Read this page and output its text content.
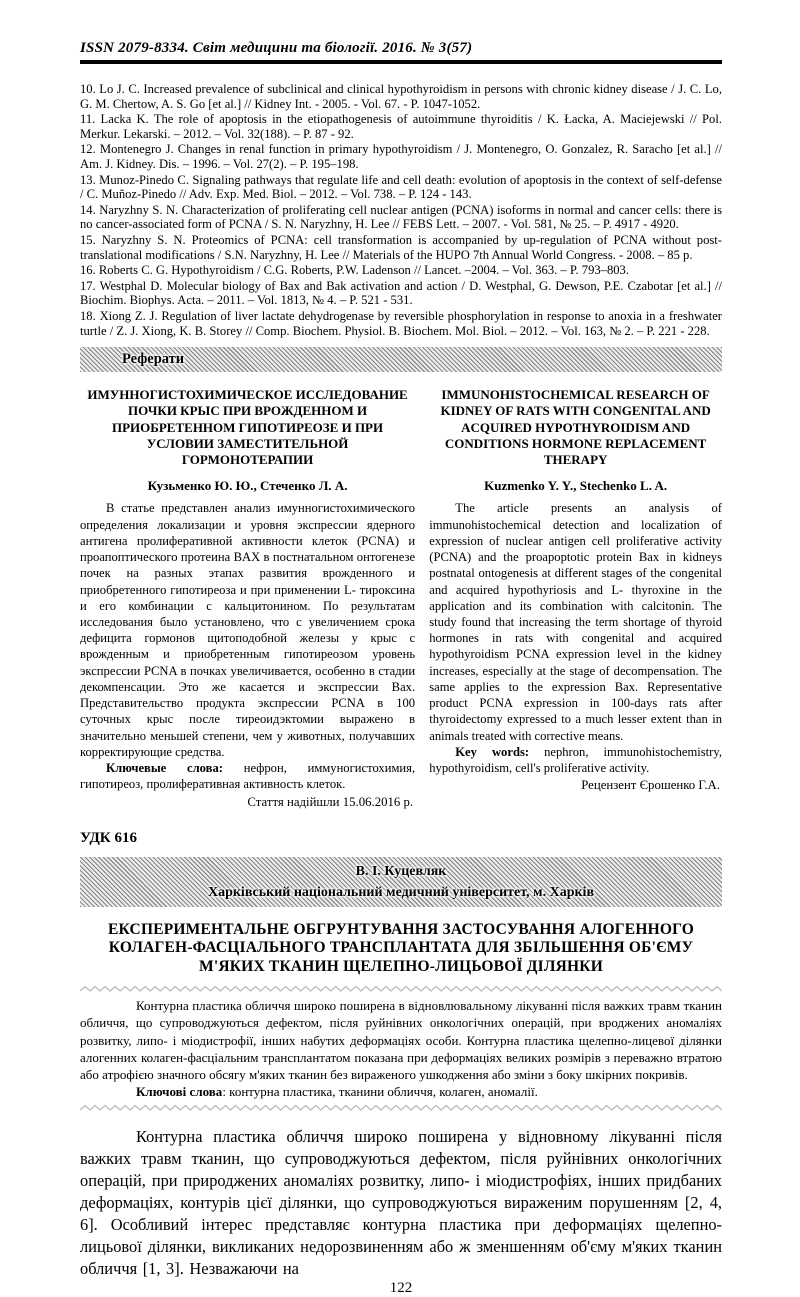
ISSN 2079-8334. Світ медицини та біології. 2016. № 3(57)
10. Lo J. C. Increased prevalence of subclinical and clinical hypothyroidism in persons with chronic kidney disease / J. C. Lo, G. M. Chertow, A. S. Go [et al.] // Kidney Int. - 2005. - Vol. 67. - P. 1047-1052.
11. Lacka K. The role of apoptosis in the etiopathogenesis of autoimmune thyroiditis / K. Łacka, A. Maciejewski // Pol. Merkur. Lekarski. – 2012. – Vol. 32(188). – P. 87 - 92.
12. Montenegro J. Changes in renal function in primary hypothyroidism / J. Montenegro, O. Gonzalez, R. Saracho [et al.] // Am. J. Kidney. Dis. – 1996. – Vol. 27(2). – P. 195–198.
13. Munoz-Pinedo C. Signaling pathways that regulate life and cell death: evolution of apoptosis in the context of self-defense / C. Muñoz-Pinedo // Adv. Exp. Med. Biol. – 2012. – Vol. 738. – P. 124 - 143.
14. Naryzhny S. N. Characterization of proliferating cell nuclear antigen (PCNA) isoforms in normal and cancer cells: there is no cancer-associated form of PCNA / S. N. Naryzhny, H. Lee // FEBS Lett. – 2007. - Vol. 581, № 25. – P. 4917 - 4920.
15. Naryzhny S. N. Proteomics of PCNA: cell transformation is accompanied by up-regulation of PCNA without post-translational modifications / S.N. Naryzhny, H. Lee // Materials of the HUPO 7th Annual World Congress. - 2008. – 85 p.
16. Roberts C. G. Hypothyroidism / C.G. Roberts, P.W. Ladenson // Lancet. –2004. – Vol. 363. – P. 793–803.
17. Westphal D. Molecular biology of Bax and Bak activation and action / D. Westphal, G. Dewson, P.E. Czabotar [et al.] // Biochim. Biophys. Acta. – 2011. – Vol. 1813, № 4. – P. 521 - 531.
18. Xiong Z. J. Regulation of liver lactate dehydrogenase by reversible phosphorylation in response to anoxia in a freshwater turtle / Z. J. Xiong, K. B. Storey // Comp. Biochem. Physiol. B. Biochem. Mol. Biol. – 2012. – Vol. 163, № 2. – P. 221 - 228.
Реферати
ИМУННОГИСТОХИМИЧЕСКОЕ ИССЛЕДОВАНИЕ ПОЧКИ КРЫС ПРИ ВРОЖДЕННОМ И ПРИОБРЕТЕННОМ ГИПОТИРЕОЗЕ И ПРИ УСЛОВИИ ЗАМЕСТИТЕЛЬНОЙ ГОРМОНОТЕРАПИИ
Кузьменко Ю. Ю., Стеченко Л. А.

В статье представлен анализ имунногистохимического определения локализации и уровня экспрессии ядерного антигена пролиферативной активности клеток (PCNA) и проапоптического протеина BAX в постнатальном онтогенезе почек на разных этапах развития врожденного и приобретенного гипотиреоза и при применении L- тироксина и его комбинации с кальцитонином. По результатам исследования было установлено, что с увеличением срока дефицита гормонов щитоподобной железы у крыс с врожденным и приобретенным гипотиреозом уровень экспрессии PCNA в почках увеличивается, особенно в стадии декомпенсации. Это же касается и экспрессии Вах. Представительство продукта экспрессии PCNA в 100 суточных крыс после тиреоидэктомии выражено в значительно меньшей степени, чем у животных, получавших корректирующие средства.

Ключевые слова: нефрон, иммуногистохимия, гипотиреоз, пролиферативная активность клеток.

Стаття надійшли 15.06.2016 р.
IMMUNOHISTOCHEMICAL RESEARCH OF KIDNEY OF RATS WITH CONGENITAL AND ACQUIRED HYPOTHYROIDISM AND CONDITIONS HORMONE REPLACEMENT THERAPY
Kuzmenko Y. Y., Stechenko L. A.

The article presents an analysis of immunohistochemical detection and localization of expression of nuclear antigen cell proliferative activity (PCNA) and the proapoptotic protein Bax in kidneys postnatal ontogenesis at different stages of the congenital and acquired hypothyriosis and L- thyroxine in the application and its combination with calcitonin. The study found that increasing the term shortage of thyroid hormones in rats with congenital and acquired hypothyroidism PCNA expression level in the kidney increases, especially at the stage of decompensation. The same applies to the expression Bax. Representative product PCNA expression in 100-days rats after thyroidectomy expressed to a much lesser extent than in animals treated with corrective means.

Key words: nephron, immunohistochemistry, hypothyroidism, cell's proliferative activity.

Рецензент Єрошенко Г.А.
УДК 616
В. І. Куцевляк
Харківський національний медичний університет, м. Харків
ЕКСПЕРИМЕНТАЛЬНЕ ОБГРУНТУВАННЯ ЗАСТОСУВАННЯ АЛОГЕННОГО КОЛАГЕН-ФАСЦІАЛЬНОГО ТРАНСПЛАНТАТА ДЛЯ ЗБІЛЬШЕННЯ ОБ'ЄМУ М'ЯКИХ ТКАНИН ЩЕЛЕПНО-ЛИЦЬОВОЇ ДІЛЯНКИ

Контурна пластика обличчя широко поширена в відновлювальному лікуванні після важких травм тканин обличчя, що супроводжуються дефектом, після руйнівних онкологічних операцій, при вроджених аномаліях розвитку, липо- і міодистрофії, інших набутих деформаціях особи. Контурна пластика щелепно-лицевої ділянки алогенних колаген-фасціальним трансплантатом показана при деформаціях великих розмірів з переважно втратою або атрофією значного обсягу м'яких тканин без вираженого ушкодження або зміни з боку шкірних покривів.

Ключові слова: контурна пластика, тканини обличчя, колаген, аномалії.

Контурна пластика обличчя широко поширена у відновному лікуванні після важких травм тканин, що супроводжуються дефектом, після руйнівних онкологічних операцій, при природжених аномаліях розвитку, липо- і міодистрофіях, інших придбаних деформаціях, контурів цієї ділянки, що супроводжуються вираженим порушенням [2, 4, 6]. Особливий інтерес представляє контурна пластика при деформаціях щелепно-лицьової ділянки, викликаних недорозвиненням або ж зменшенням об'єму м'яких тканин обличчя [1, 3]. Незважаючи на

122
